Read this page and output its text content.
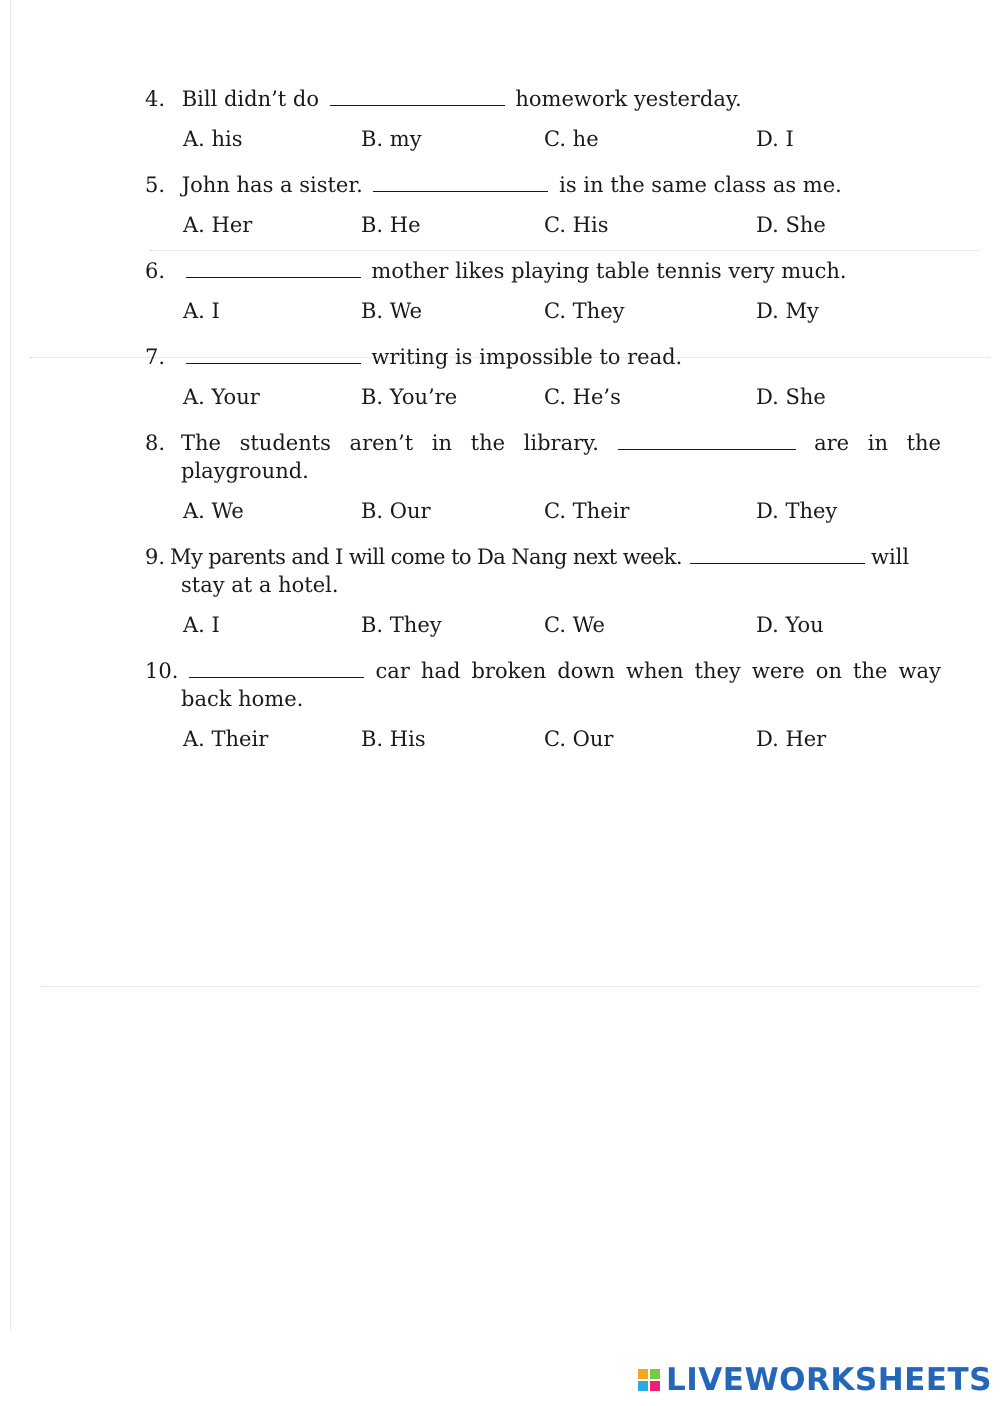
4. Bill didn’t do	homework yesterday.
A. his	B. my	C. he	D. I
5. John has a sister.	is in the same class as me.
A. Her	B. He	C. His	D. She
6.	mother likes playing table tennis very much.
A. I	B. We	C. They	D. My
7.	writing is impossible to read.
A. Your	B. You’re	C. He’s	D. She
8. The students aren’t in the library.	are in the
playground.
A. We	B. Our	C. Their	D. They
9. My parents and I will come to Da Nang next week.	will
stay at a hotel.
A. I	B. They	C. We	D. You
10.	car had broken down when they were on the way
back home.
A. Their	B. His	C. Our	D. Her
LIVEWORKSHEETS
